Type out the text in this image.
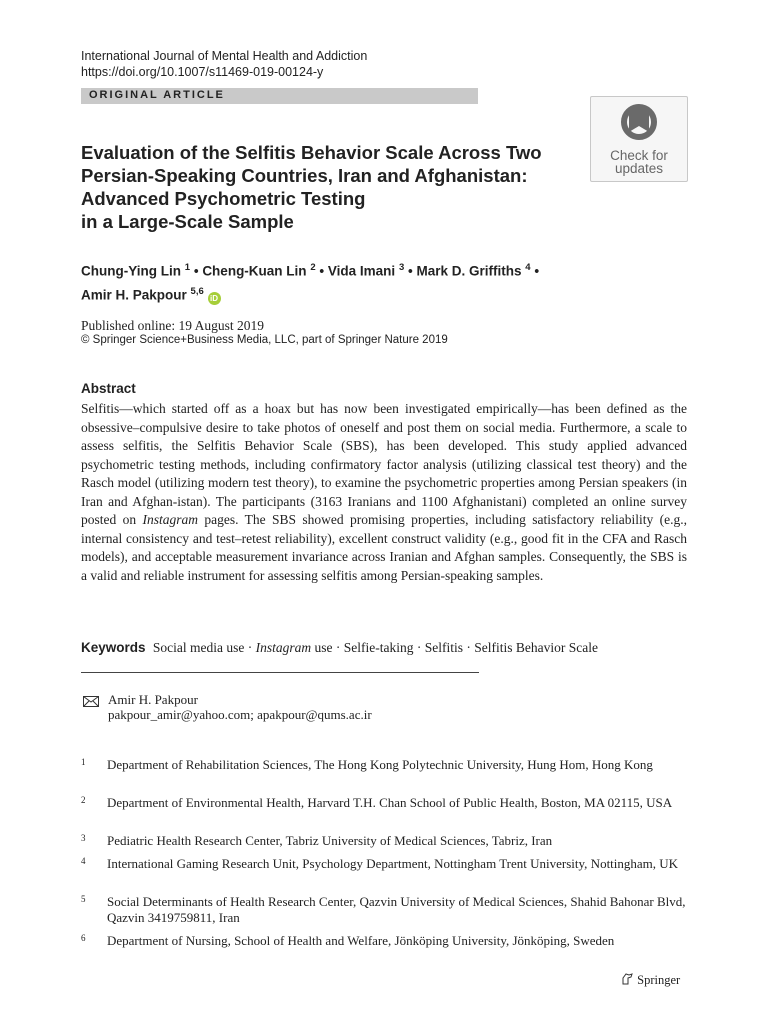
International Journal of Mental Health and Addiction
https://doi.org/10.1007/s11469-019-00124-y
ORIGINAL ARTICLE
Check for
updates
Evaluation of the Selfitis Behavior Scale Across Two
Persian-Speaking Countries, Iran and Afghanistan:
Advanced Psychometric Testing
in a Large-Scale Sample
Chung-Ying Lin $^1$ • Cheng-Kuan Lin $^2$ • Vida Imani $^3$ • Mark D. Griffiths $^4$ •
Amir H. Pakpour $^{5,6}$ iD
Published online: 19 August 2019
© Springer Science+Business Media, LLC, part of Springer Nature 2019
Abstract
Selfitis—which started off as a hoax but has now been investigated empirically—has been defined as the obsessive–compulsive desire to take photos of oneself and post them on social media. Furthermore, a scale to assess selfitis, the Selfitis Behavior Scale (SBS), has been developed. This study applied advanced psychometric testing methods, including confirmatory factor analysis (utilizing classical test theory) and the Rasch model (utilizing modern test theory), to examine the psychometric properties among Persian speakers (in Iran and Afghan-istan). The participants (3163 Iranians and 1100 Afghanistani) completed an online survey posted on Instagram pages. The SBS showed promising properties, including satisfactory reliability (e.g., internal consistency and test–retest reliability), excellent construct validity (e.g., good fit in the CFA and Rasch models), and acceptable measurement invariance across Iranian and Afghan samples. Consequently, the SBS is a valid and reliable instrument for assessing selfitis among Persian-speaking samples.
Keywords Social media use · Instagram use · Selfie-taking · Selfitis · Selfitis Behavior Scale
Amir H. Pakpour
pakpour_amir@yahoo.com; apakpour@qums.ac.ir
1 Department of Rehabilitation Sciences, The Hong Kong Polytechnic University, Hung Hom, Hong Kong
2 Department of Environmental Health, Harvard T.H. Chan School of Public Health, Boston, MA 02115, USA
3 Pediatric Health Research Center, Tabriz University of Medical Sciences, Tabriz, Iran
4 International Gaming Research Unit, Psychology Department, Nottingham Trent University, Nottingham, UK
5 Social Determinants of Health Research Center, Qazvin University of Medical Sciences, Shahid Bahonar Blvd, Qazvin 3419759811, Iran
6 Department of Nursing, School of Health and Welfare, Jönköping University, Jönköping, Sweden
Springer
